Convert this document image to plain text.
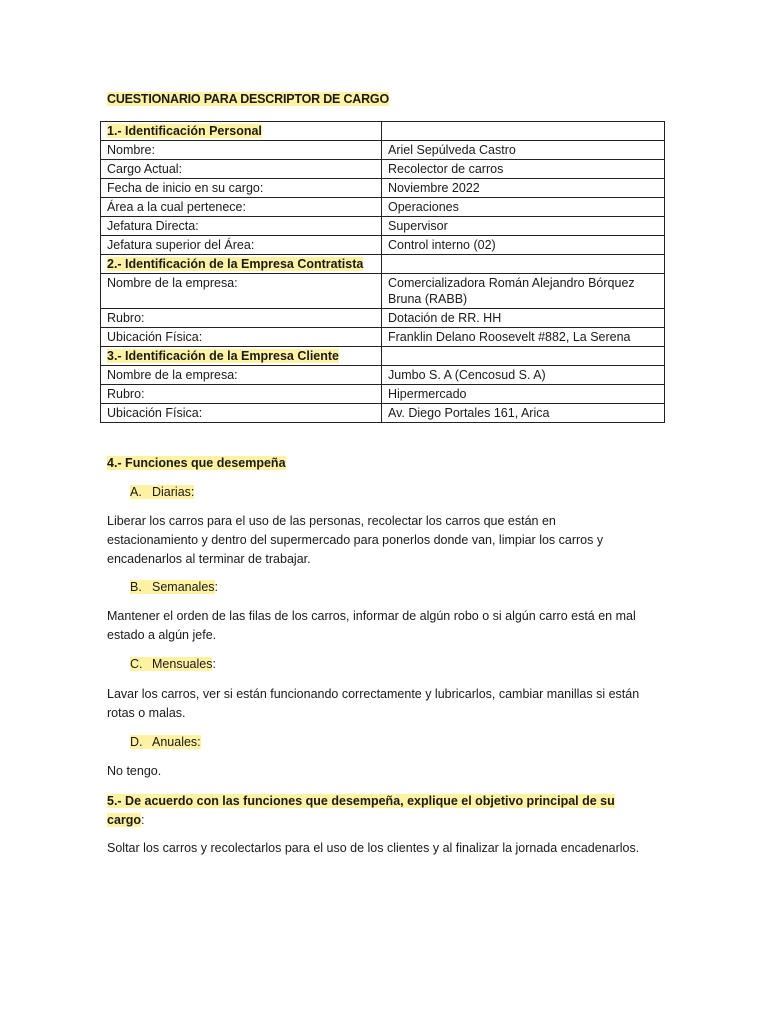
CUESTIONARIO PARA DESCRIPTOR DE CARGO
1.- Identificación Personal	
Nombre:	Ariel Sepúlveda Castro
Cargo Actual:	Recolector de carros
Fecha de inicio en su cargo:	Noviembre 2022
Área a la cual pertenece:	Operaciones
Jefatura Directa:	Supervisor
Jefatura superior del Área:	Control interno (02)
2.- Identificación de la Empresa Contratista	
Nombre de la empresa:	Comercializadora Román Alejandro Bórquez Bruna (RABB)
Rubro:	Dotación de RR. HH
Ubicación Física:	Franklin Delano Roosevelt #882, La Serena
3.- Identificación de la Empresa Cliente	
Nombre de la empresa:	Jumbo S. A (Cencosud S. A)
Rubro:	Hipermercado
Ubicación Física:	Av. Diego Portales 161, Arica
4.- Funciones que desempeña
A. Diarias:
Liberar los carros para el uso de las personas, recolectar los carros que están en estacionamiento y dentro del supermercado para ponerlos donde van, limpiar los carros y encadenarlos al terminar de trabajar.
B. Semanales:
Mantener el orden de las filas de los carros, informar de algún robo o si algún carro está en mal estado a algún jefe.
C. Mensuales:
Lavar los carros, ver si están funcionando correctamente y lubricarlos, cambiar manillas si están rotas o malas.
D. Anuales:
No tengo.
5.- De acuerdo con las funciones que desempeña, explique el objetivo principal de su cargo:
Soltar los carros y recolectarlos para el uso de los clientes y al finalizar la jornada encadenarlos.
